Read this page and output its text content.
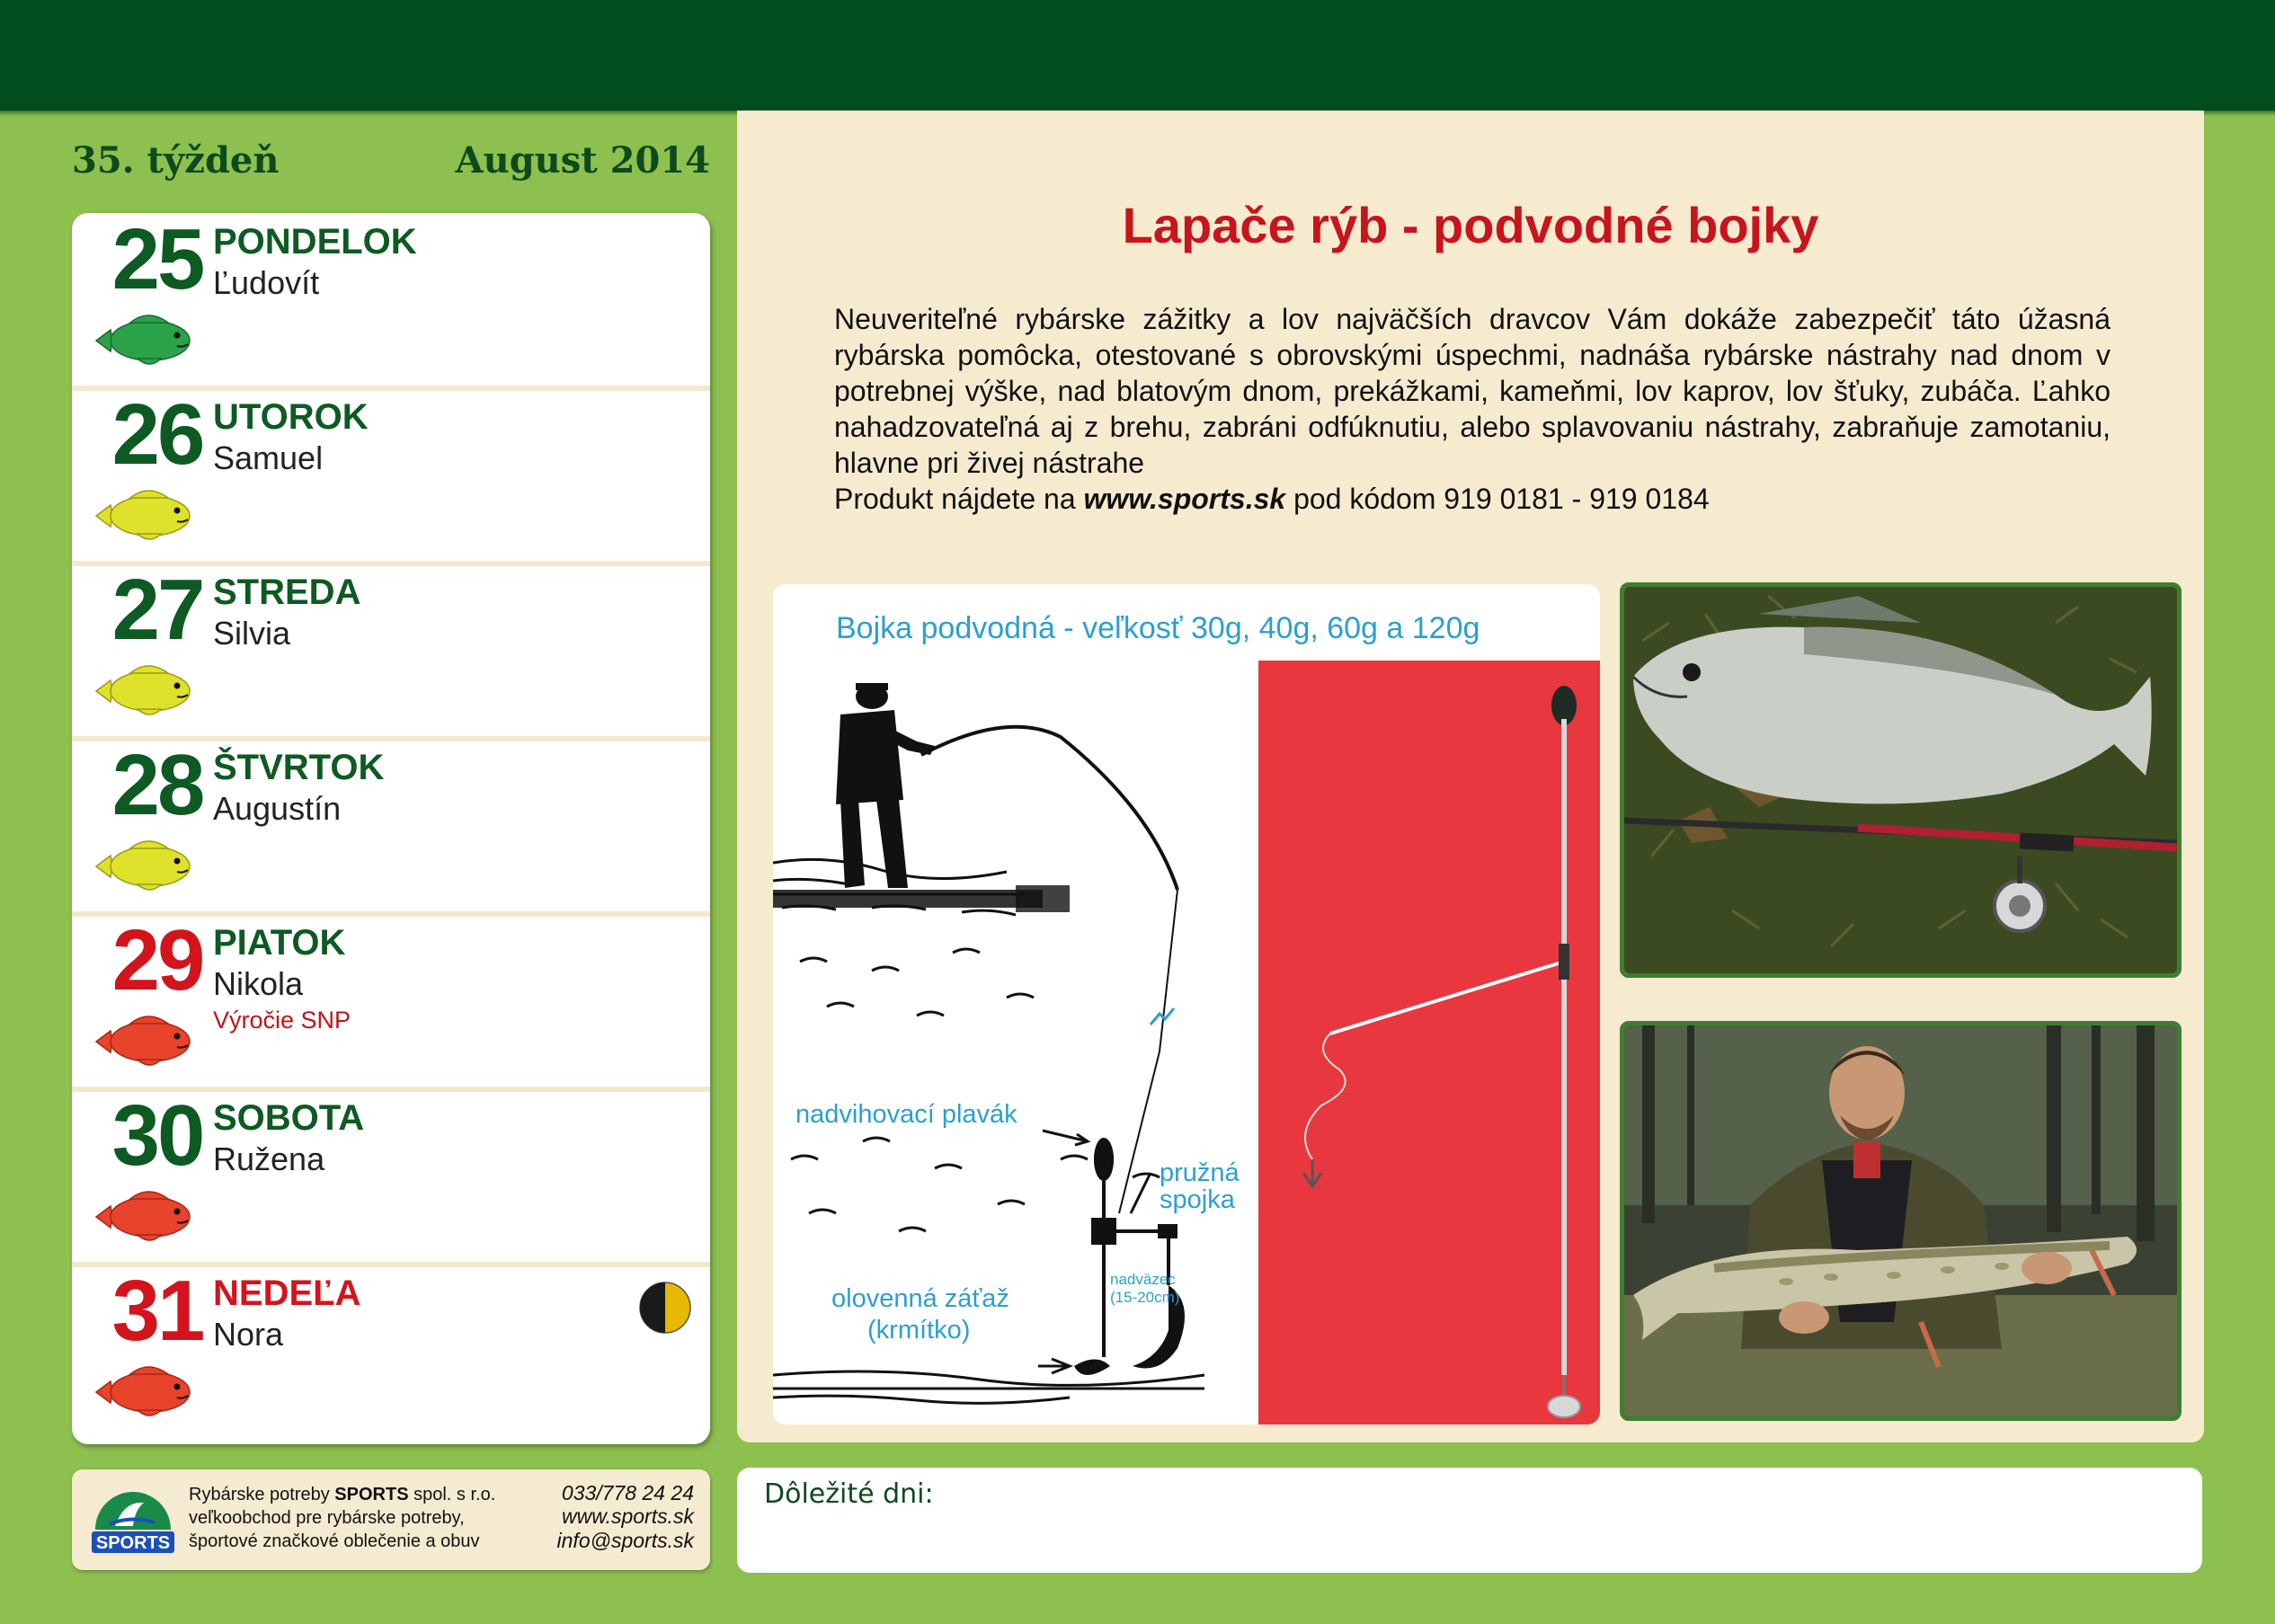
35. týždeň	August 2014
25 PONDELOK
Ľudovít
26 UTOROK
Samuel
27 STREDA
Silvia
28 ŠTVRTOK
Augustín
29 PIATOK
Nikola
Výročie SNP
30 SOBOTA
Ružena
31 NEDEĽA
Nora
SPORTS
Rybárske potreby SPORTS spol. s r.o.
veľkoobchod pre rybárske potreby,
športové značkové oblečenie a obuv
033/778 24 24
www.sports.sk
info@sports.sk
Lapače rýb - podvodné bojky

Neuveriteľné rybárske zážitky a lov najväčších dravcov Vám dokáže zabezpečiť táto úžasná rybárska pomôcka, otestované s obrovskými úspechmi, nadnáša rybárske nástrahy nad dnom v potrebnej výške, nad blatovým dnom, prekážkami, kameňmi, lov kaprov, lov šťuky, zubáča. Ľahko nahadzovateľná aj z brehu, zabráni odfúknutiu, alebo splavovaniu nástrahy, zabraňuje zamotaniu, hlavne pri živej nástrahe

Produkt nájdete na www.sports.sk pod kódom 919 0181 - 919 0184

Bojka podvodná - veľkosť 30g, 40g, 60g a 120g
nadvihovací plavák
pružná
spojka
nadväzec
(15-20cm)
olovenná záťaž
(krmítko)
Dôležité dni:
